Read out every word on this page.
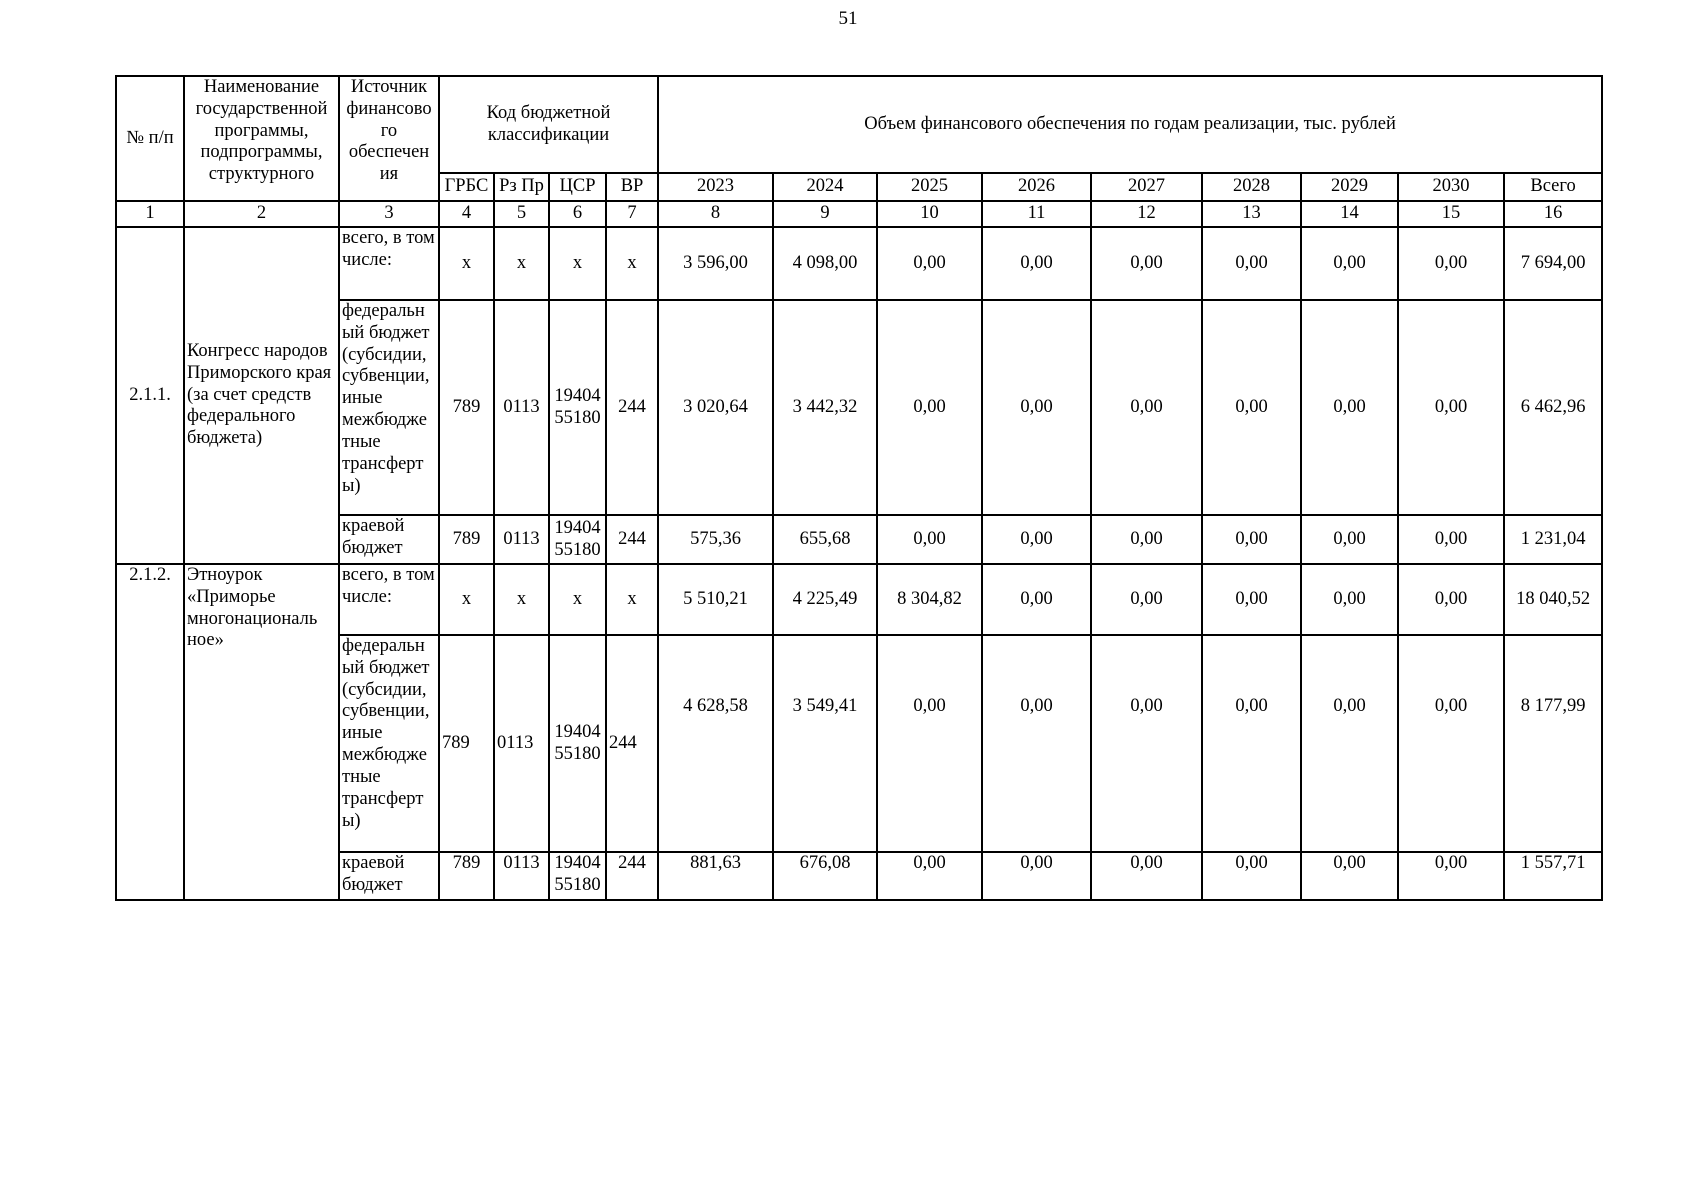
51
№ п/п	Наименование государственной программы, подпрограммы, структурного	Источник финансово го обеспечен ия	Код бюджетной классификации				Объем финансового обеспечения по годам реализации, тыс. рублей								
			ГРБС	Рз Пр	ЦСР	ВР	2023	2024	2025	2026	2027	2028	2029	2030	Всего
1	2	3	4	5	6	7	8	9	10	11	12	13	14	15	16
2.1.1.	Конгресс народов Приморского края (за счет средств федерального бюджета)	всего, в том числе:	х	х	х	х	3 596,00	4 098,00	0,00	0,00	0,00	0,00	0,00	0,00	7 694,00
		федеральн ый бюджет (субсидии, субвенции, иные межбюдже тные трансферт ы)	789	0113	19404 55180	244	3 020,64	3 442,32	0,00	0,00	0,00	0,00	0,00	0,00	6 462,96
		краевой бюджет	789	0113	19404 55180	244	575,36	655,68	0,00	0,00	0,00	0,00	0,00	0,00	1 231,04
2.1.2.	Этноурок «Приморье многонациональ ное»	всего, в том числе:	х	х	х	х	5 510,21	4 225,49	8 304,82	0,00	0,00	0,00	0,00	0,00	18 040,52
		федеральн ый бюджет (субсидии, субвенции, иные межбюдже тные трансферт ы)	789	0113	19404 55180	244	4 628,58	3 549,41	0,00	0,00	0,00	0,00	0,00	0,00	8 177,99
		краевой бюджет	789	0113	19404 55180	244	881,63	676,08	0,00	0,00	0,00	0,00	0,00	0,00	1 557,71
